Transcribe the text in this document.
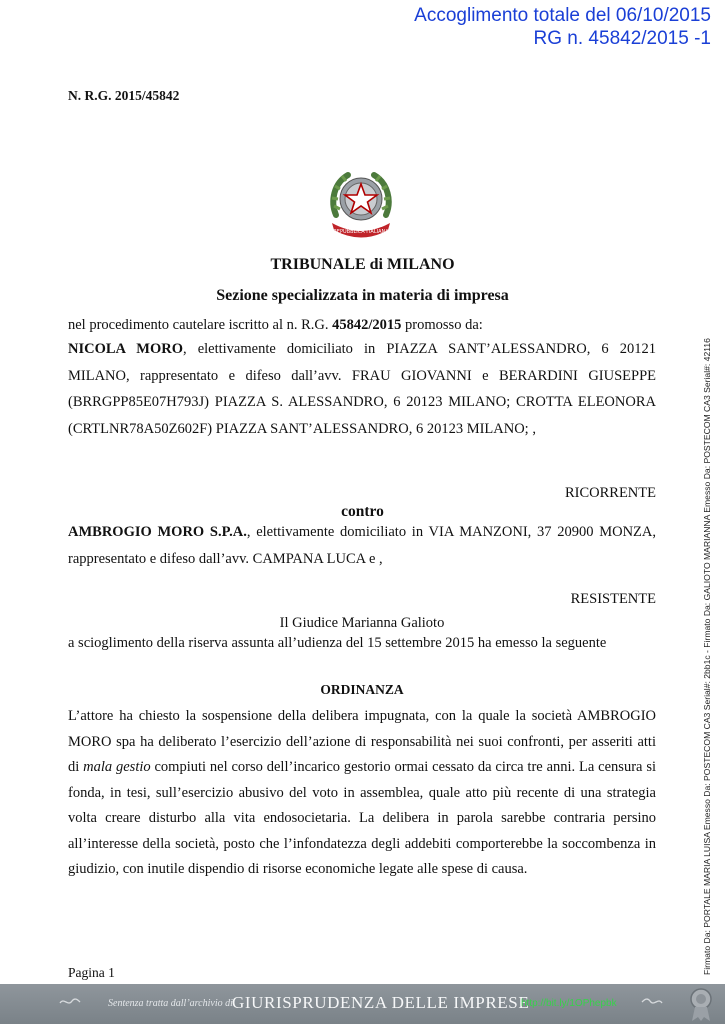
Accoglimento totale del 06/10/2015
RG n. 45842/2015 -1
N. R.G. 2015/45842
REPUBBLICA ITALIANA
TRIBUNALE di MILANO
Sezione specializzata in materia di impresa
nel procedimento cautelare iscritto al n. R.G. 45842/2015 promosso da:
NICOLA MORO, elettivamente domiciliato in PIAZZA SANT’ALESSANDRO, 6 20121 MILANO, rappresentato e difeso dall’avv. FRAU GIOVANNI e BERARDINI GIUSEPPE (BRRGPP85E07H793J) PIAZZA S. ALESSANDRO, 6 20123 MILANO; CROTTA ELEONORA (CRTLNR78A50Z602F) PIAZZA SANT’ALESSANDRO, 6 20123 MILANO; ,
RICORRENTE
contro
AMBROGIO MORO S.P.A., elettivamente domiciliato in VIA MANZONI, 37 20900 MONZA, rappresentato e difeso dall’avv. CAMPANA LUCA e ,
RESISTENTE
Il Giudice Marianna Galioto
a scioglimento della riserva assunta all’udienza del 15 settembre 2015 ha emesso la seguente
ORDINANZA
L’attore ha chiesto la sospensione della delibera impugnata, con la quale la società AMBROGIO MORO spa ha deliberato l’esercizio dell’azione di responsabilità nei suoi confronti, per asseriti atti di mala gestio compiuti nel corso dell’incarico gestorio ormai cessato da circa tre anni. La censura si fonda, in tesi, sull’esercizio abusivo del voto in assemblea, quale atto più recente di una strategia volta creare disturbo alla vita endosocietaria. La delibera in parola sarebbe contraria persino all’interesse della società, posto che l’infondatezza degli addebiti comporterebbe la soccombenza in giudizio, con inutile dispendio di risorse economiche legate alle spese di causa.
Pagina 1	Firmato Da: PORTALE MARIA LUISA Emesso Da: POSTECOM CA3 Serial#: 2bb1c - Firmato Da: GALIOTO MARIANNA Emesso Da: POSTECOM CA3 Serial#: 42116
Sentenza tratta dall’archivio di GIURISPRUDENZA DELLE IMPRESE
http://bit.ly/1OPhepbk
